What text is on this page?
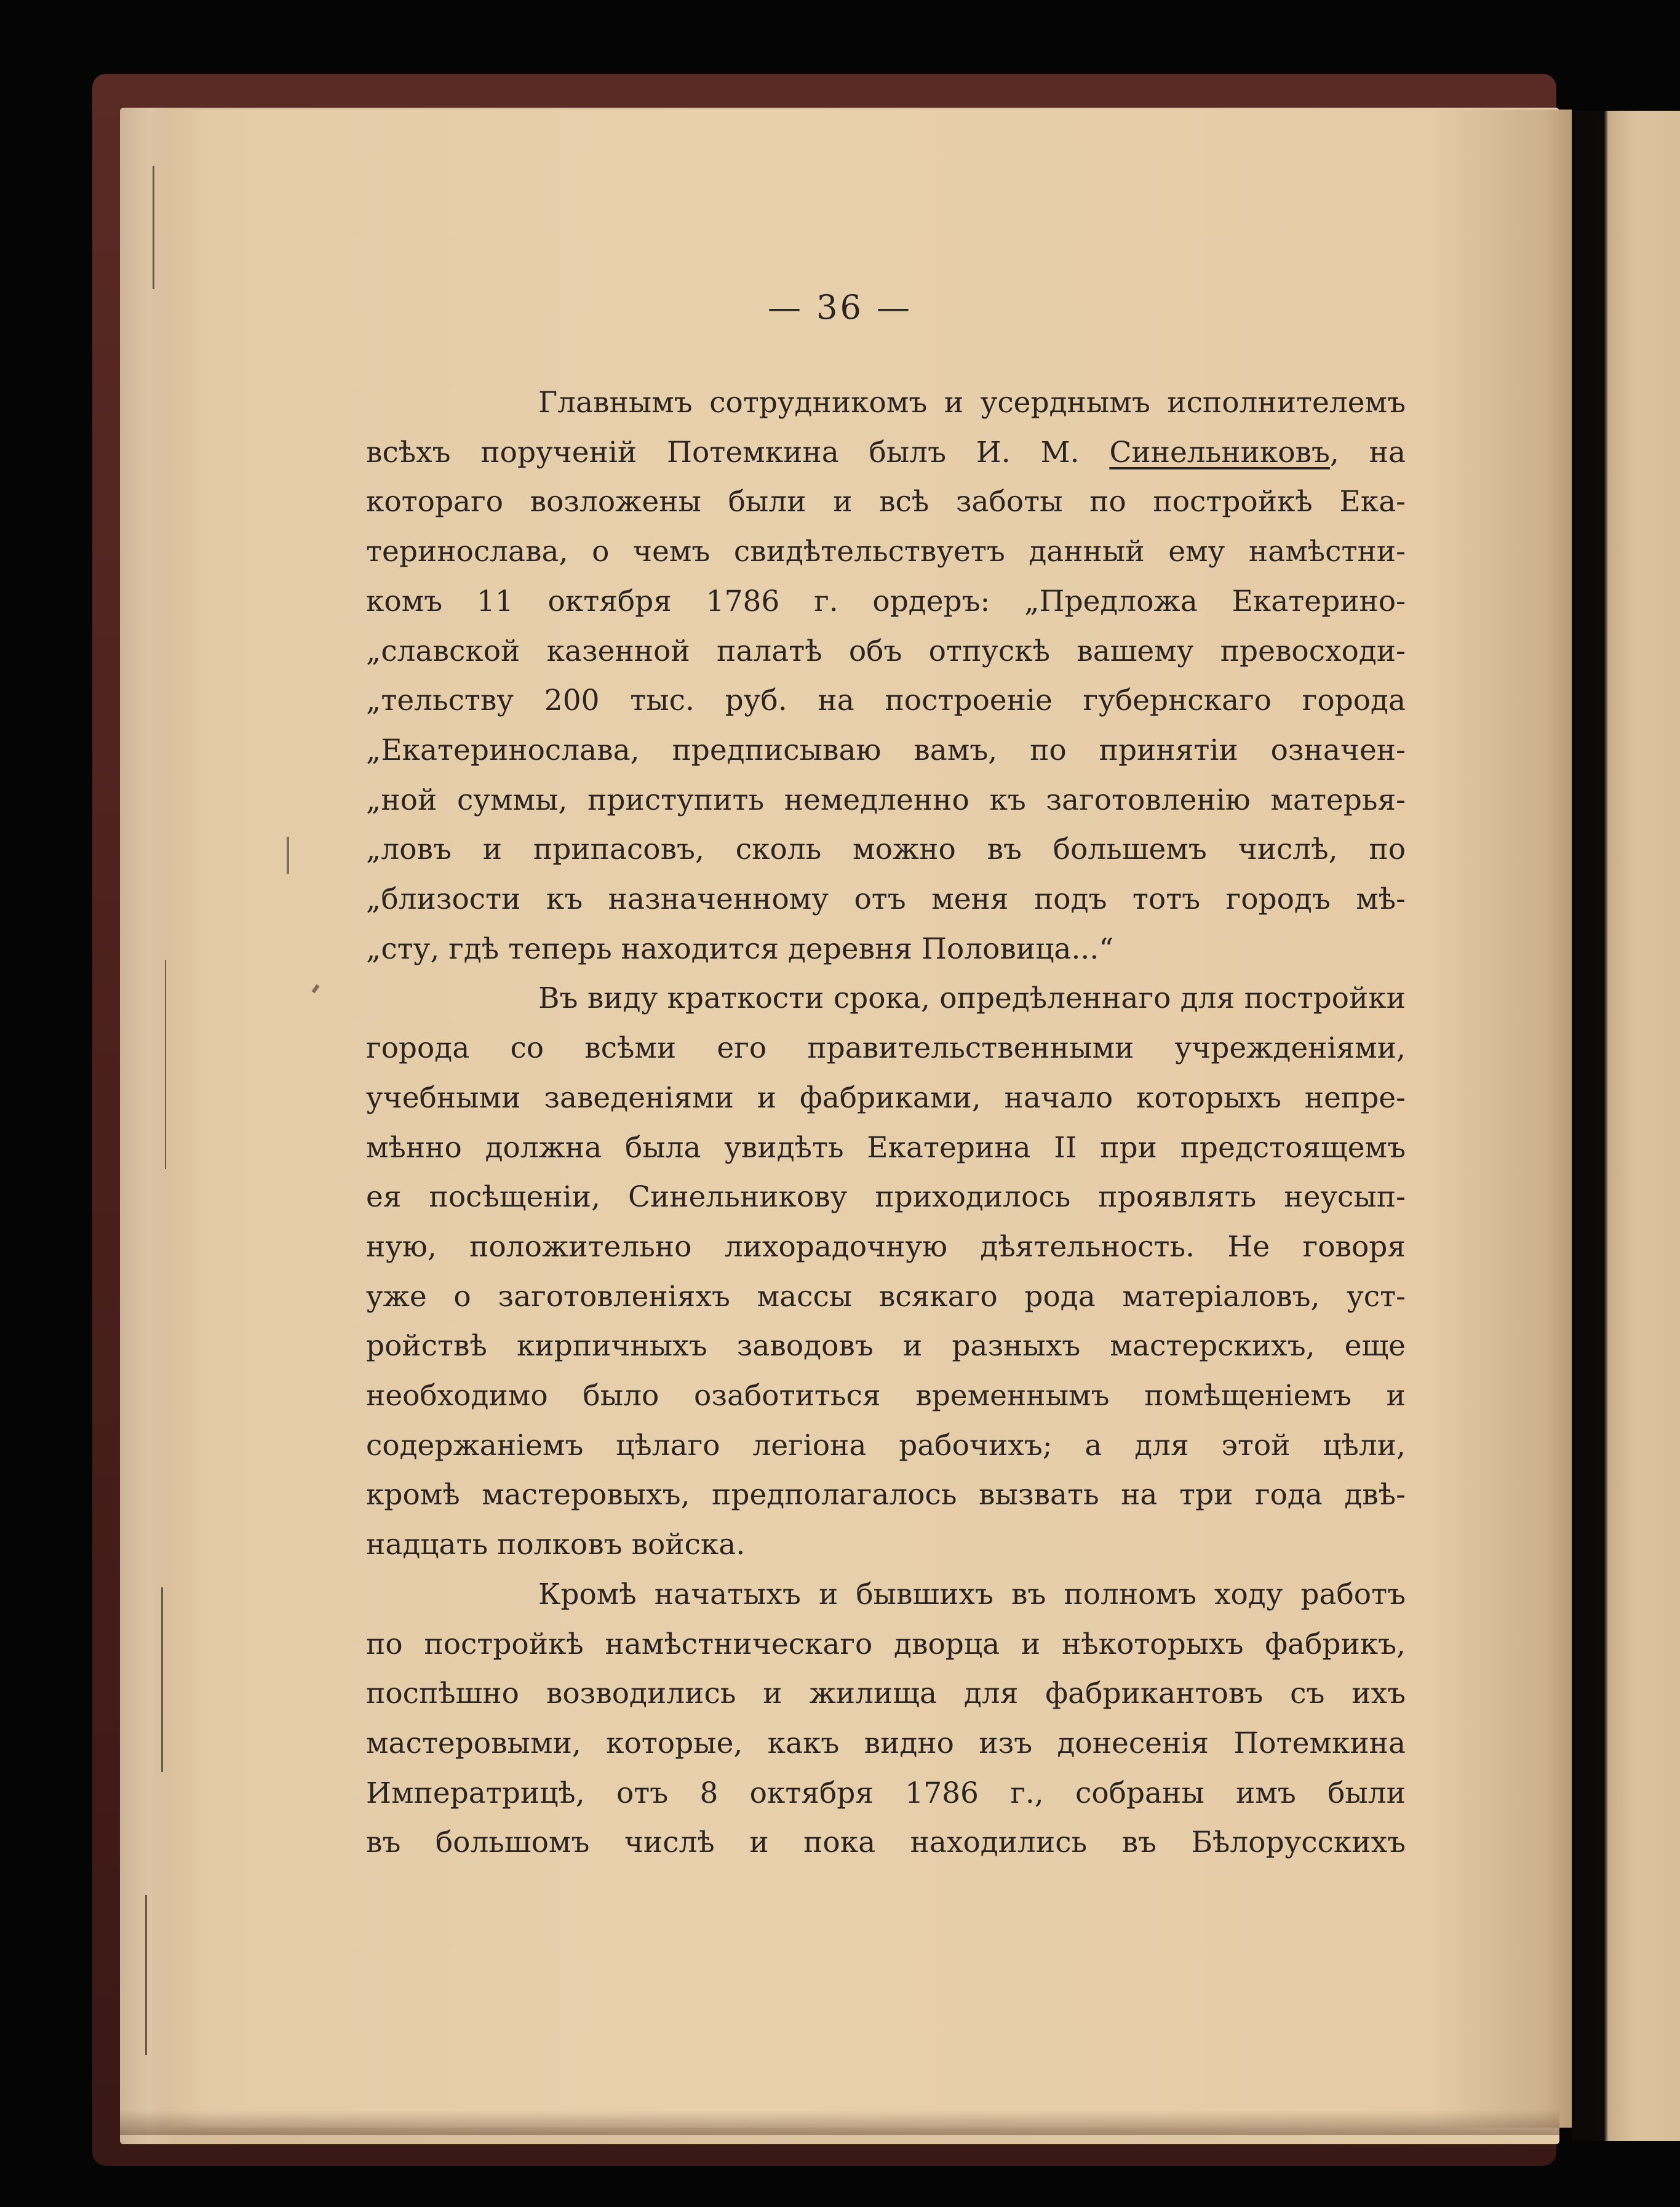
— 36 —
Главнымъ сотрудникомъ и усерднымъ исполнителемъ
всѣхъ порученій Потемкина былъ И. М. Синельниковъ, на
котораго возложены были и всѣ заботы по постройкѣ Ека-
теринослава, о чемъ свидѣтельствуетъ данный ему намѣстни-
комъ 11 октября 1786 г. ордеръ: „Предложа Екатерино-
„славской казенной палатѣ объ отпускѣ вашему превосходи-
„тельству 200 тыс. руб. на построеніе губернскаго города
„Екатеринослава, предписываю вамъ, по принятіи означен-
„ной суммы, приступить немедленно къ заготовленію матерья-
„ловъ и припасовъ, сколь можно въ большемъ числѣ, по
„близости къ назначенному отъ меня подъ тотъ городъ мѣ-
„сту, гдѣ теперь находится деревня Половица...“
Въ виду краткости срока, опредѣленнаго для постройки
города со всѣми его правительственными учрежденіями,
учебными заведеніями и фабриками, начало которыхъ непре-
мѣнно должна была увидѣть Екатерина II при предстоящемъ
ея посѣщеніи, Синельникову приходилось проявлять неусып-
ную, положительно лихорадочную дѣятельность. Не говоря
уже о заготовленіяхъ массы всякаго рода матеріаловъ, уст-
ройствѣ кирпичныхъ заводовъ и разныхъ мастерскихъ, еще
необходимо было озаботиться временнымъ помѣщеніемъ и
содержаніемъ цѣлаго легіона рабочихъ; а для этой цѣли,
кромѣ мастеровыхъ, предполагалось вызвать на три года двѣ-
надцать полковъ войска.
Кромѣ начатыхъ и бывшихъ въ полномъ ходу работъ
по постройкѣ намѣстническаго дворца и нѣкоторыхъ фабрикъ,
поспѣшно возводились и жилища для фабрикантовъ съ ихъ
мастеровыми, которые, какъ видно изъ донесенія Потемкина
Императрицѣ, отъ 8 октября 1786 г., собраны имъ были
въ большомъ числѣ и пока находились въ Бѣлорусскихъ
